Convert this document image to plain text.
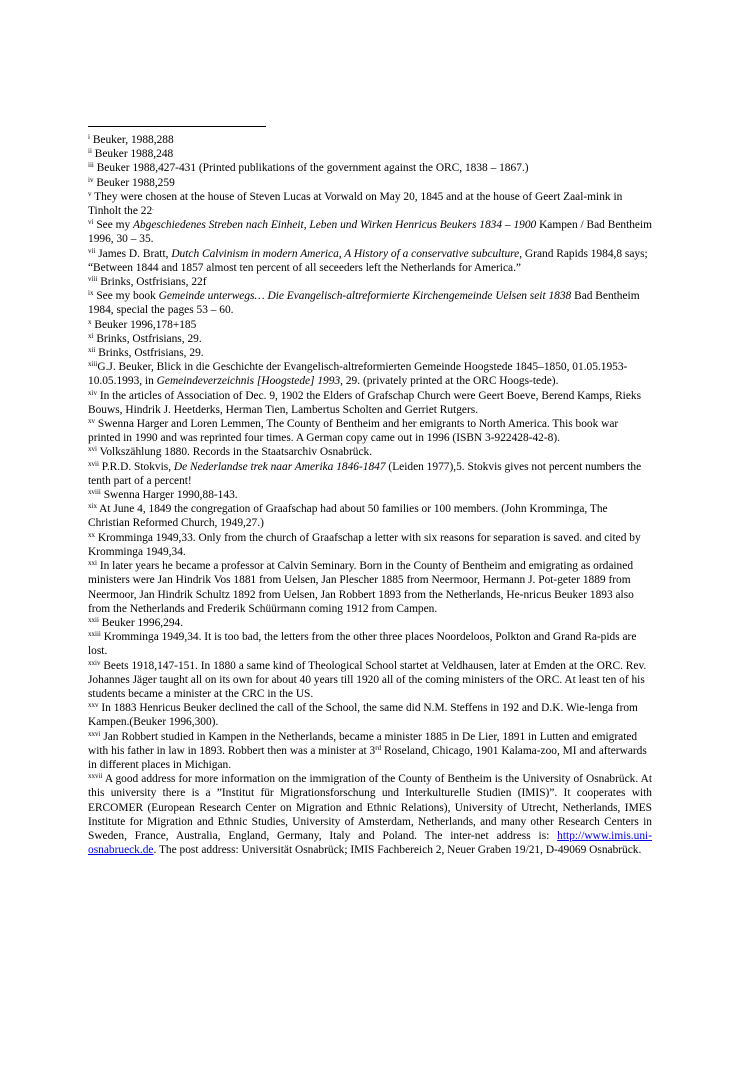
$^i$ Beuker, 1988,288

$^{ii}$ Beuker 1988,248

$^{iii}$ Beuker 1988,427-431 (Printed publikations of the government against the ORC, 1838 – 1867.)

$^{iv}$ Beuker 1988,259

$^v$ They were chosen at the house of Steven Lucas at Vorwald on May 20, 1845 and at the house of Geert Zaal-mink in Tinholt the 22.

$^{vi}$ See my Abgeschiedenes Streben nach Einheit, Leben und Wirken Henricus Beukers 1834 – 1900 Kampen / Bad Bentheim 1996, 30 – 35.

$^{vii}$ James D. Bratt, Dutch Calvinism in modern America, A History of a conservative subculture, Grand Rapids 1984,8 says; “Between 1844 and 1857 almost ten percent of all seceeders left the Netherlands for America.”

$^{viii}$ Brinks, Ostfrisians, 22f

$^{ix}$ See my book Gemeinde unterwegs… Die Evangelisch-altreformierte Kirchengemeinde Uelsen seit 1838 Bad Bentheim 1984, special the pages 53 – 60.

$^x$ Beuker 1996,178+185

$^{xi}$ Brinks, Ostfrisians, 29.

$^{xii}$ Brinks, Ostfrisians, 29.

$^{xiii}$G.J. Beuker, Blick in die Geschichte der Evangelisch-altreformierten Gemeinde Hoogstede 1845–1850, 01.05.1953-10.05.1993, in Gemeindeverzeichnis [Hoogstede] 1993, 29. (privately printed at the ORC Hoogs-tede).

$^{xiv}$ In the articles of Association of Dec. 9, 1902 the Elders of Grafschap Church were Geert Boeve, Berend Kamps, Rieks Bouws, Hindrik J. Heetderks, Herman Tien, Lambertus Scholten and Gerriet Rutgers.

$^{xv}$ Swenna Harger and Loren Lemmen, The County of Bentheim and her emigrants to North America. This book war printed in 1990 and was reprinted four times. A German copy came out in 1996 (ISBN 3-922428-42-8).

$^{xvi}$ Volkszählung 1880. Records in the Staatsarchiv Osnabrück.

$^{xvii}$ P.R.D. Stokvis, De Nederlandse trek naar Amerika 1846-1847 (Leiden 1977),5. Stokvis gives not percent numbers the tenth part of a percent!

$^{xviii}$ Swenna Harger 1990,88-143.

$^{xix}$ At June 4, 1849 the congregation of Graafschap had about 50 families or 100 members. (John Kromminga, The Christian Reformed Church, 1949,27.)

$^{xx}$ Kromminga 1949,33. Only from the church of Graafschap a letter with six reasons for separation is saved. and cited by Kromminga 1949,34.

$^{xxi}$ In later years he became a professor at Calvin Seminary. Born in the County of Bentheim and emigrating as ordained ministers were Jan Hindrik Vos 1881 from Uelsen, Jan Plescher 1885 from Neermoor, Hermann J. Pot-geter 1889 from Neermoor, Jan Hindrik Schultz 1892 from Uelsen, Jan Robbert 1893 from the Netherlands, He-nricus Beuker 1893 also from the Netherlands and Frederik Schüürmann coming 1912 from Campen.

$^{xxii}$ Beuker 1996,294.

$^{xxiii}$ Kromminga 1949,34. It is too bad, the letters from the other three places Noordeloos, Polkton and Grand Ra-pids are lost.

$^{xxiv}$ Beets 1918,147-151. In 1880 a same kind of Theological School startet at Veldhausen, later at Emden at the ORC. Rev. Johannes Jäger taught all on its own for about 40 years till 1920 all of the coming ministers of the ORC. At least ten of his students became a minister at the CRC in the US.

$^{xxv}$ In 1883 Henricus Beuker declined the call of the School, the same did N.M. Steffens in 192 and D.K. Wie-lenga from Kampen.(Beuker 1996,300).

$^{xxvi}$ Jan Robbert studied in Kampen in the Netherlands, became a minister 1885 in De Lier, 1891 in Lutten and emigrated with his father in law in 1893. Robbert then was a minister at 3rd Roseland, Chicago, 1901 Kalama-zoo, MI and afterwards in different places in Michigan.

$^{xxvii}$ A good address for more information on the immigration of the County of Bentheim is the University of Osnabrück. At this university there is a ”Institut für Migrationsforschung und Interkulturelle Studien (IMIS)”. It cooperates with ERCOMER (European Research Center on Migration and Ethnic Relations), University of Utrecht, Netherlands, IMES Institute for Migration and Ethnic Studies, University of Amsterdam, Netherlands, and many other Research Centers in Sweden, France, Australia, England, Germany, Italy and Poland. The inter-net address is: http://www.imis.uni-osnabrueck.de. The post address: Universität Osnabrück; IMIS Fachbereich 2, Neuer Graben 19/21, D-49069 Osnabrück.
